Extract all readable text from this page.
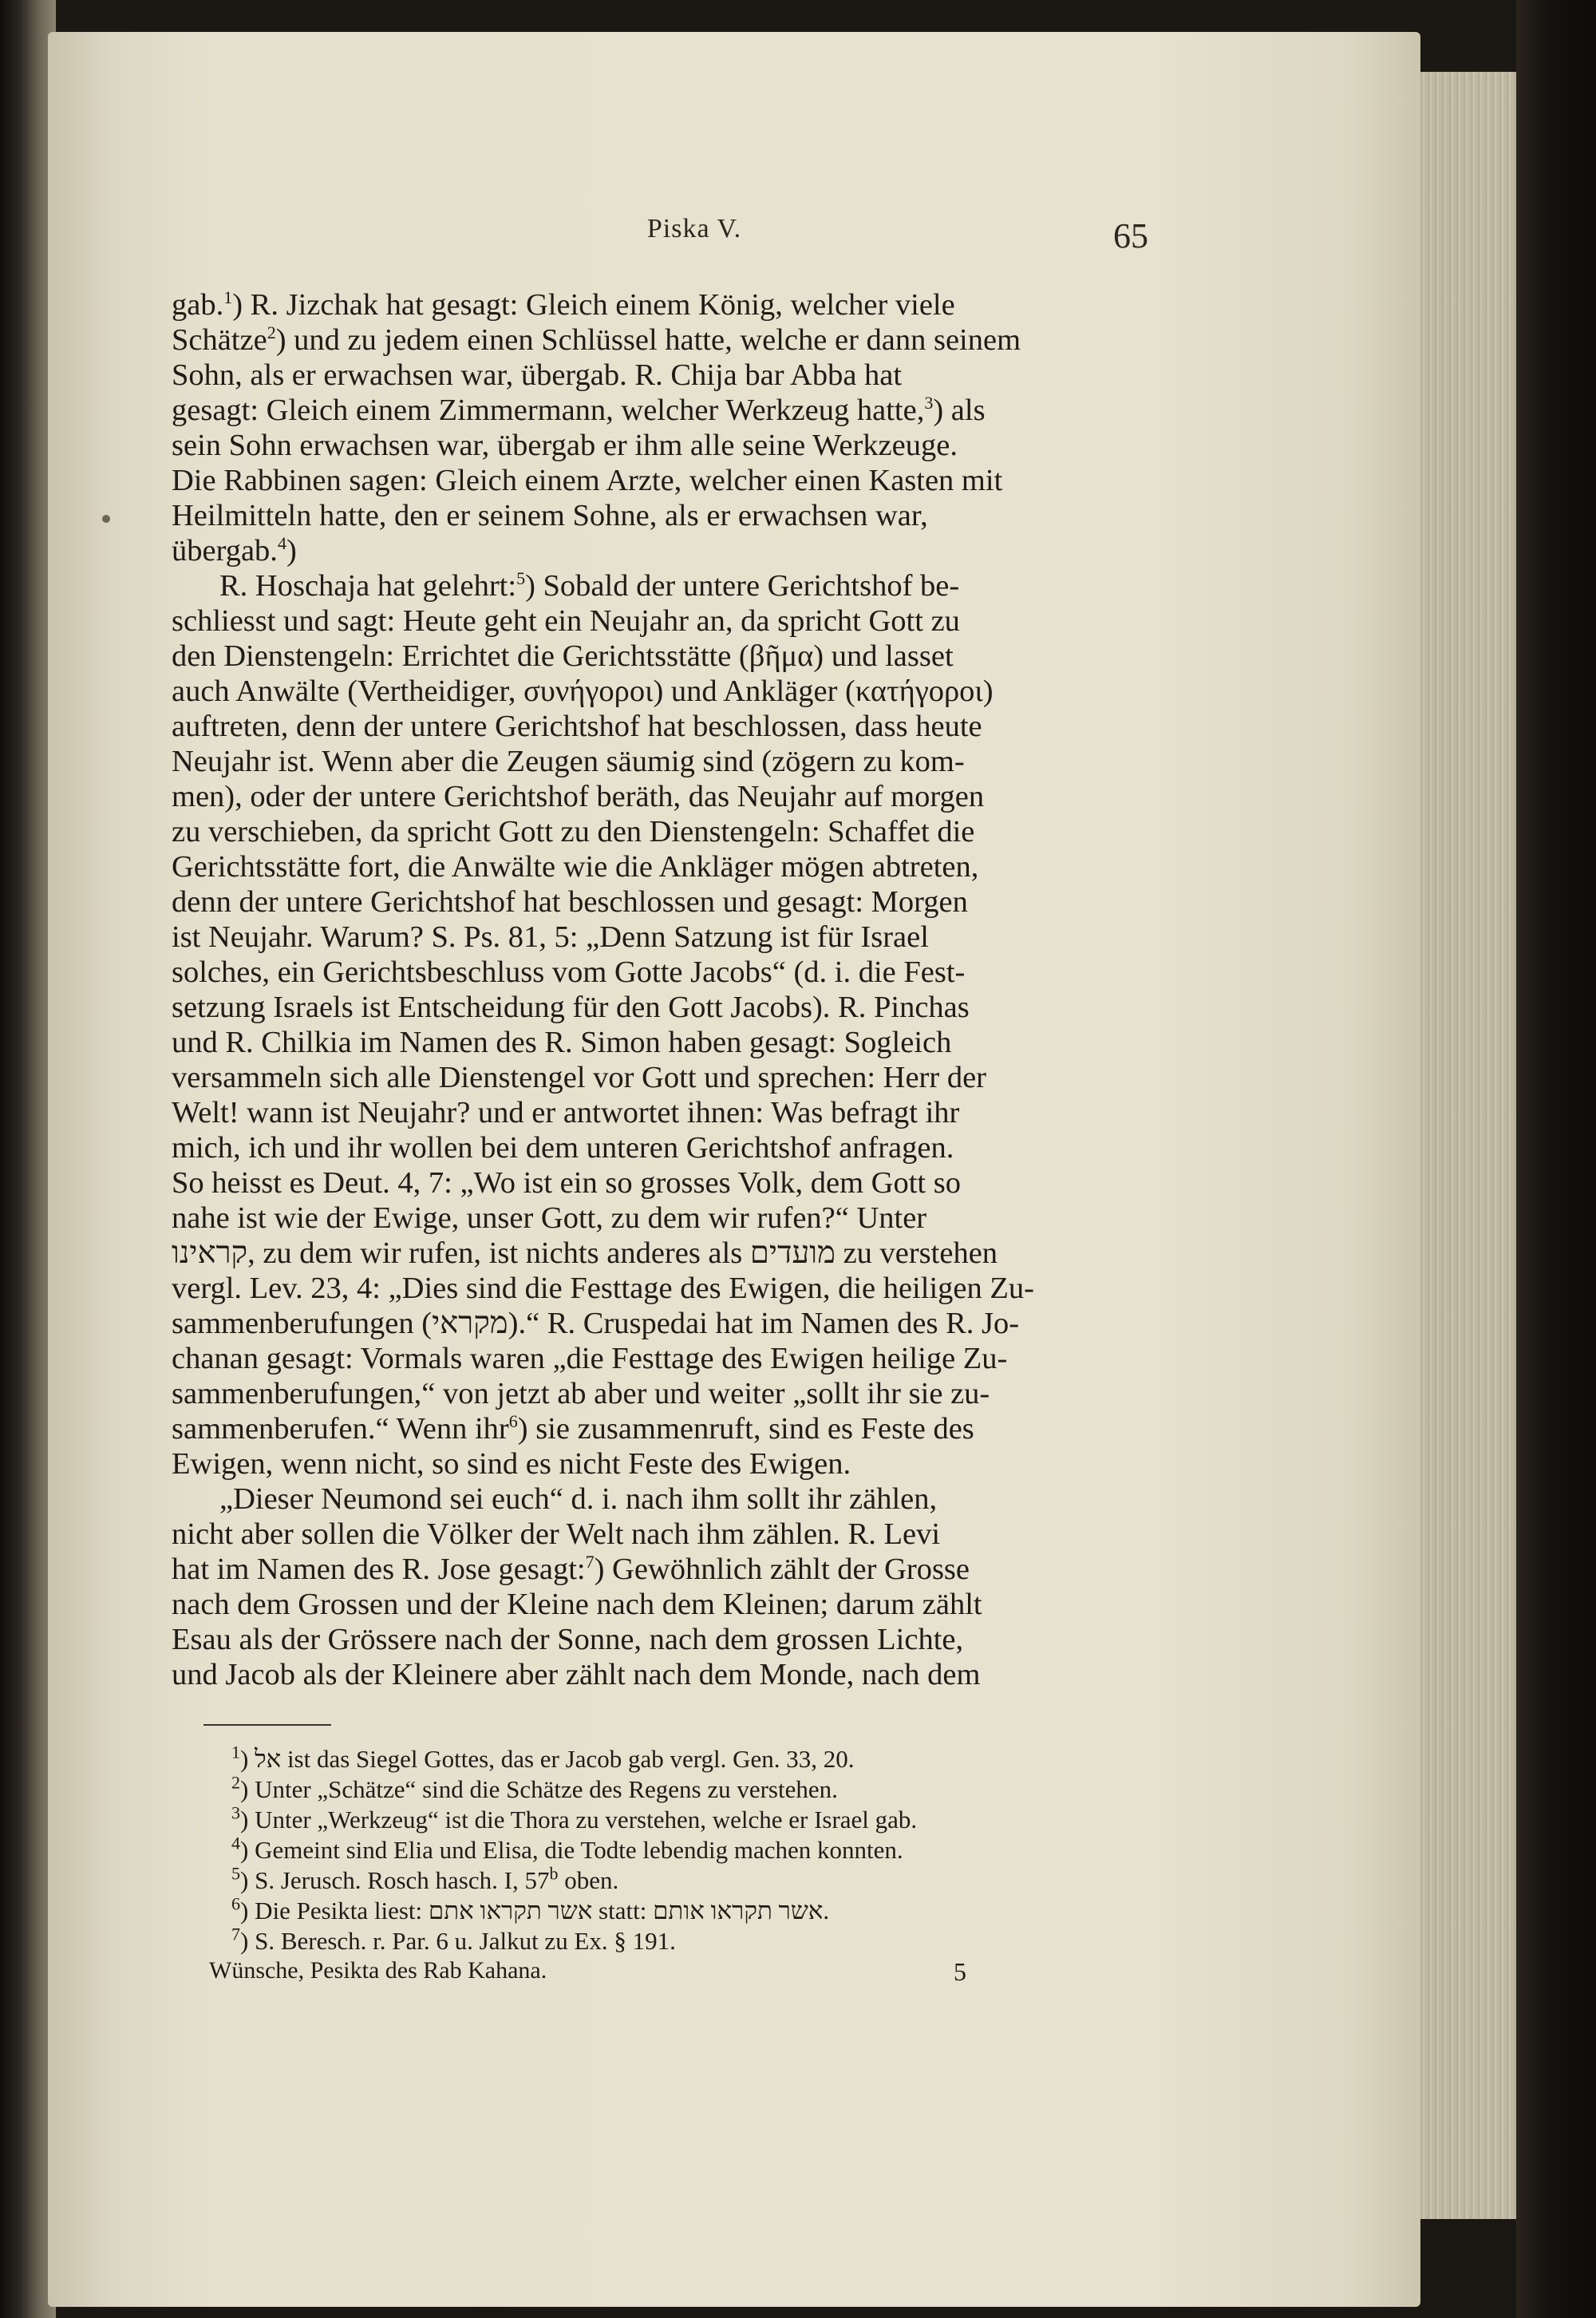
Piska V.	65

gab.$^1$) R. Jizchak hat gesagt: Gleich einem König, welcher viele

Schätze$^2$) und zu jedem einen Schlüssel hatte, welche er dann seinem

Sohn, als er erwachsen war, übergab. R. Chija bar Abba hat

gesagt: Gleich einem Zimmermann, welcher Werkzeug hatte,$^3$) als

sein Sohn erwachsen war, übergab er ihm alle seine Werkzeuge.

Die Rabbinen sagen: Gleich einem Arzte, welcher einen Kasten mit

Heilmitteln hatte, den er seinem Sohne, als er erwachsen war,

übergab.$^4$)

R. Hoschaja hat gelehrt:$^5$) Sobald der untere Gerichtshof be-

schliesst und sagt: Heute geht ein Neujahr an, da spricht Gott zu

den Dienstengeln: Errichtet die Gerichtsstätte (βῆμα) und lasset

auch Anwälte (Vertheidiger, συνήγοροι) und Ankläger (κατήγοροι)

auftreten, denn der untere Gerichtshof hat beschlossen, dass heute

Neujahr ist. Wenn aber die Zeugen säumig sind (zögern zu kom-

men), oder der untere Gerichtshof beräth, das Neujahr auf morgen

zu verschieben, da spricht Gott zu den Dienstengeln: Schaffet die

Gerichtsstätte fort, die Anwälte wie die Ankläger mögen abtreten,

denn der untere Gerichtshof hat beschlossen und gesagt: Morgen

ist Neujahr. Warum? S. Ps. 81, 5: „Denn Satzung ist für Israel

solches, ein Gerichtsbeschluss vom Gotte Jacobs“ (d. i. die Fest-

setzung Israels ist Entscheidung für den Gott Jacobs). R. Pinchas

und R. Chilkia im Namen des R. Simon haben gesagt: Sogleich

versammeln sich alle Dienstengel vor Gott und sprechen: Herr der

Welt! wann ist Neujahr? und er antwortet ihnen: Was befragt ihr

mich, ich und ihr wollen bei dem unteren Gerichtshof anfragen.

So heisst es Deut. 4, 7: „Wo ist ein so grosses Volk, dem Gott so

nahe ist wie der Ewige, unser Gott, zu dem wir rufen?“ Unter

קראינו, zu dem wir rufen, ist nichts anderes als מועדים zu verstehen

vergl. Lev. 23, 4: „Dies sind die Festtage des Ewigen, die heiligen Zu-

sammenberufungen (מקראי).“ R. Cruspedai hat im Namen des R. Jo-

chanan gesagt: Vormals waren „die Festtage des Ewigen heilige Zu-

sammenberufungen,“ von jetzt ab aber und weiter „sollt ihr sie zu-

sammenberufen.“ Wenn ihr$^6$) sie zusammenruft, sind es Feste des

Ewigen, wenn nicht, so sind es nicht Feste des Ewigen.

„Dieser Neumond sei euch“ d. i. nach ihm sollt ihr zählen,

nicht aber sollen die Völker der Welt nach ihm zählen. R. Levi

hat im Namen des R. Jose gesagt:$^7$) Gewöhnlich zählt der Grosse

nach dem Grossen und der Kleine nach dem Kleinen; darum zählt

Esau als der Grössere nach der Sonne, nach dem grossen Lichte,

und Jacob als der Kleinere aber zählt nach dem Monde, nach dem

$^1$) אל ist das Siegel Gottes, das er Jacob gab vergl. Gen. 33, 20.
$^2$) Unter „Schätze“ sind die Schätze des Regens zu verstehen.
$^3$) Unter „Werkzeug“ ist die Thora zu verstehen, welche er Israel gab.
$^4$) Gemeint sind Elia und Elisa, die Todte lebendig machen konnten.
$^5$) S. Jerusch. Rosch hasch. I, 57$^b$ oben.
$^6$) Die Pesikta liest: אשר תקראו אתם statt: אשר תקראו אותם.
$^7$) S. Beresch. r. Par. 6 u. Jalkut zu Ex. § 191.
Wünsche, Pesikta des Rab Kahana.	5
